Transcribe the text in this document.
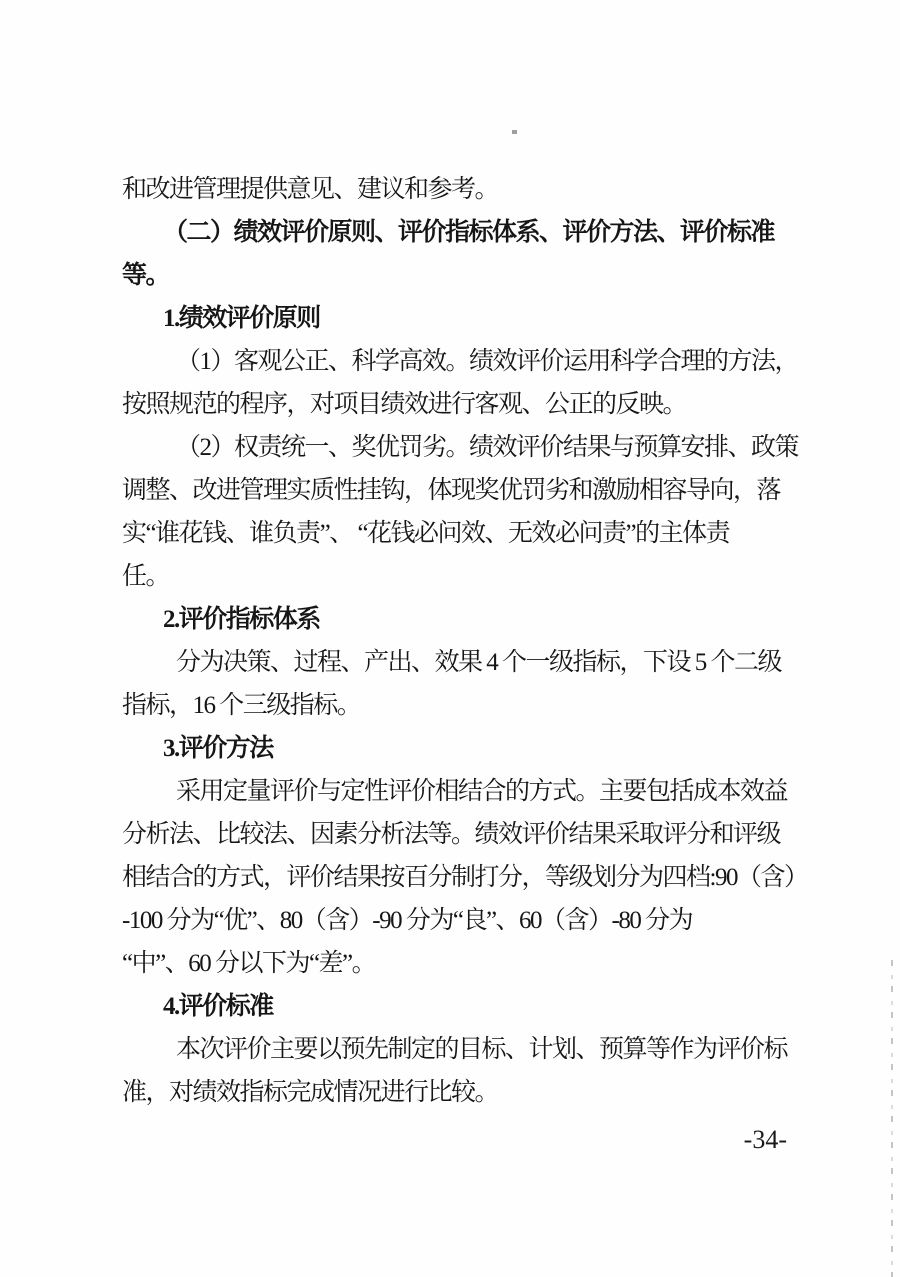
和改进管理提供意见、建议和参考。
（二）绩效评价原则、评价指标体系、评价方法、评价标准
等。
1.绩效评价原则
（1）客观公正、科学高效。绩效评价运用科学合理的方法，
按照规范的程序，对项目绩效进行客观、公正的反映。
（2）权责统一、奖优罚劣。绩效评价结果与预算安排、政策
调整、改进管理实质性挂钩，体现奖优罚劣和激励相容导向，落
实“谁花钱、谁负责”、 “花钱必问效、无效必问责”的主体责
任。
2.评价指标体系
分为决策、过程、产出、效果 4 个一级指标，下设 5 个二级
指标，16 个三级指标。
3.评价方法
采用定量评价与定性评价相结合的方式。主要包括成本效益
分析法、比较法、因素分析法等。绩效评价结果采取评分和评级
相结合的方式，评价结果按百分制打分，等级划分为四档:90（含）
-100 分为“优”、80（含）-90 分为“良”、60（含）-80 分为
“中”、60 分以下为“差”。
4.评价标准
本次评价主要以预先制定的目标、计划、预算等作为评价标
准，对绩效指标完成情况进行比较。
-34-
